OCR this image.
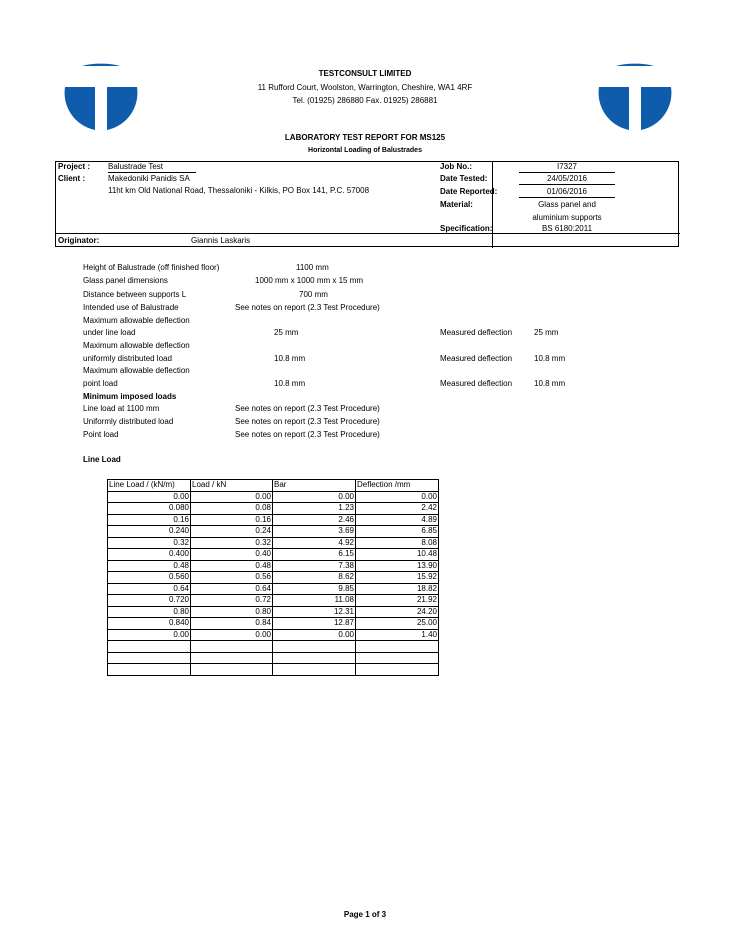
TESTCONSULT LIMITED
11 Rufford Court, Woolston, Warrington, Cheshire, WA1 4RF
Tel. (01925) 286880 Fax. 01925) 286881
LABORATORY TEST REPORT FOR MS125
Horizontal Loading of Balustrades
Project : Balustrade Test
Client :	Makedoniki Panidis SA
11ht km Old National Road, Thessaloniki - Kilkis, PO Box 141, P.C. 57008
Originator:	Giannis Laskaris
Job No.:	I7327
Date Tested:	24/05/2016
Date Reported:	01/06/2016
Material:	Glass panel and
aluminium supports
Specification:	BS 6180:2011
Height of Balustrade (off finished floor)	1100 mm
Glass panel dimensions	1000 mm x 1000 mm x 15 mm
Distance between supports L	700 mm
Intended use of Balustrade	See notes on report (2.3 Test Procedure)
Maximum allowable deflection
under line load	25 mm	Measured deflection	25 mm
Maximum allowable deflection
uniformly distributed load	10.8 mm	Measured deflection	10.8 mm
Maximum allowable deflection
point load	10.8 mm	Measured deflection	10.8 mm
Minimum imposed loads
Line load at 1100 mm	See notes on report (2.3 Test Procedure)
Uniformly distributed load	See notes on report (2.3 Test Procedure)
Point load	See notes on report (2.3 Test Procedure)
Line Load
Line Load / (kN/m)	Load / kN	Bar	Deflection /mm
0.00	0.00	0.00	0.00
0.080	0.08	1.23	2.42
0.16	0.16	2.46	4.89
0.240	0.24	3.69	6.85
0.32	0.32	4.92	8.08
0.400	0.40	6.15	10.48
0.48	0.48	7.38	13.90
0.560	0.56	8.62	15.92
0.64	0.64	9.85	18.82
0.720	0.72	11.08	21.92
0.80	0.80	12.31	24.20
0.840	0.84	12.87	25.00
0.00	0.00	0.00	1.40

Page 1 of 3
